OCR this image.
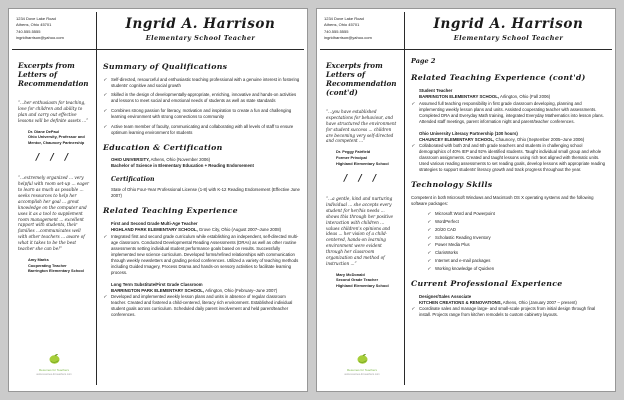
1234 Dove Lake Road
Athens, Ohio 45701
740.555.5555
ingridharrison@yahoo.com
Ingrid A. Harrison
Elementary School Teacher
Excerpts from Letters of Recommendation
“...her enthusiasm for teaching, love for children and ability to plan and carry out effective lessons will be definite assets ...”
Dr. Diane DePaul
Ohio University, Professor and
Mentor, Chauncey Partnership
/ / /
“...extremely organized ... very helpful with room set-up ... eager to learn as much as possible ... seeks resources to help her accomplish her goal ... great knowledge on the computer and uses it as a tool to supplement room management ... excellent rapport with students, their families ...communicates well with other teachers ... aware of what it takes to be the best teacher she can be!”
Amy Marks
Cooperating Teacher
Barrington Elementary School
Summary of Qualifications
✓ Self-directed, resourceful and enthusiastic teaching professional with a genuine interest in fostering students' cognitive and social growth
✓ Skilled in the design of developmentally-appropriate, enriching, innovative and hands-on activities and lessons to meet social and emotional needs of students as well as state standards
✓ Combines strong passion for literacy, motivation and inspiration to create a fun and challenging learning environment with strong connections to community
✓ Active team member of faculty, communicating and collaborating with all levels of staff to ensure optimum learning environment for students
Education & Certification
OHIO UNIVERSITY, Athens, Ohio (November 2006)
Bachelor of Science in Elementary Education + Reading Endorsement
Certification
State of Ohio Four-Year Professional License (1-8) with K-12 Reading Endorsement (Effective June 2007)
Related Teaching Experience
First and Second Grade Multi-Age Teacher
HIGHLAND PARK ELEMENTARY SCHOOL, Grove City, Ohio (August 2007–June 2008)
✓ Integrated first and second grade curriculum while establishing an independent, self-directed multi-age classroom. Conducted Developmental Reading Assessments (DRAs) as well as other routine assessments setting individual student performance goals based on results. Successfully implemented new science curriculum. Developed forms/refined relationships with communication through weekly newsletters and grading period conferences. Utilized a variety of teaching methods including Guided Imagery, Process Drama and hands-on sensory activities to facilitate learning process.
Long Term Substitute/First Grade Classroom
BARRINGTON PARK ELEMENTARY SCHOOL, Arlington, Ohio (February–June 2007)
✓ Developed and implemented weekly lesson plans and units in absence of regular classroom teacher. Created and fostered a child-centered, literacy rich environment. Established individual student goals across curriculum. Scheduled daily parent involvement and held parent/teacher conferences.
Resumes for Teachers
www.resumes-for-teachers.com
1234 Dove Lake Road
Athens, Ohio 45701
740.555.5555
ingridharrison@yahoo.com
Ingrid A. Harrison
Elementary School Teacher
Excerpts from Letters of Recommendation (cont'd)
“...you have established expectations for behaviour, and have structured the environment for student success ... children are becoming very self-directed and competent ...”
Dr. Peggy Fairfield
Former Principal
Highland Elementary School
/ / /
“...a gentle, kind and nurturing individual ... she accepts every student for her/his needs ... shows this through her positive interaction with children ... values children's opinions and ideas ... her vision of a child-centered, hands-on learning environment were evident through her classroom organization and method of instruction ...”
Mary McDonald
Second Grade Teacher
Highland Elementary School
Page 2
Related Teaching Experience (cont'd)
Student Teacher
BARRINGTON ELEMENTARY SCHOOL, Arlington, Ohio (Fall 2006)
✓ Assumed full teaching responsibility in first grade classroom developing, planning and implementing weekly lesson plans and units. Assisted cooperating teacher with assessments. Completed DRA and Everyday Math training, integrated Everyday Mathematics into lesson plans. Attended staff meetings, parent information night and parent/teacher conferences.
Ohio University Literacy Partnership (100 hours)
CHAUNCEY ELEMENTARY SCHOOL, Chauncey, Ohio (September 2005–June 2006)
✓ Collaborated with both 2nd and 6th grade teachers and students in challenging school demographics of 40% IEP and 92% identified students. Taught individual small group and whole classroom assignments. Created and taught lessons using rich text aligned with thematic units. Used various reading assessments to set reading goals, develop lessons with appropriate reading strategies to support students' literacy growth and track progress throughout the year.
Technology Skills
Competent in both Microsoft Windows and Macintosh OS X operating systems and the following software packages:
✓ Microsoft Word and Powerpoint
✓ WordPerfect
✓ 20/20 CAD
✓ Scholastic Reading Inventory
✓ Power Media Plus
✓ ClarisWorks
✓ Internet and e-mail packages
✓ Working knowledge of Quicken
Current Professional Experience
Designer/Sales Associate
KITCHEN CREATIONS & RENOVATIONS, Athens, Ohio (January 2007 – present)
✓ Coordinate sales and manage large- and small-scale projects from initial design through final install. Projects range from kitchen remodels to custom cabinetry layouts.
Resumes for Teachers
www.resumes-for-teachers.com
